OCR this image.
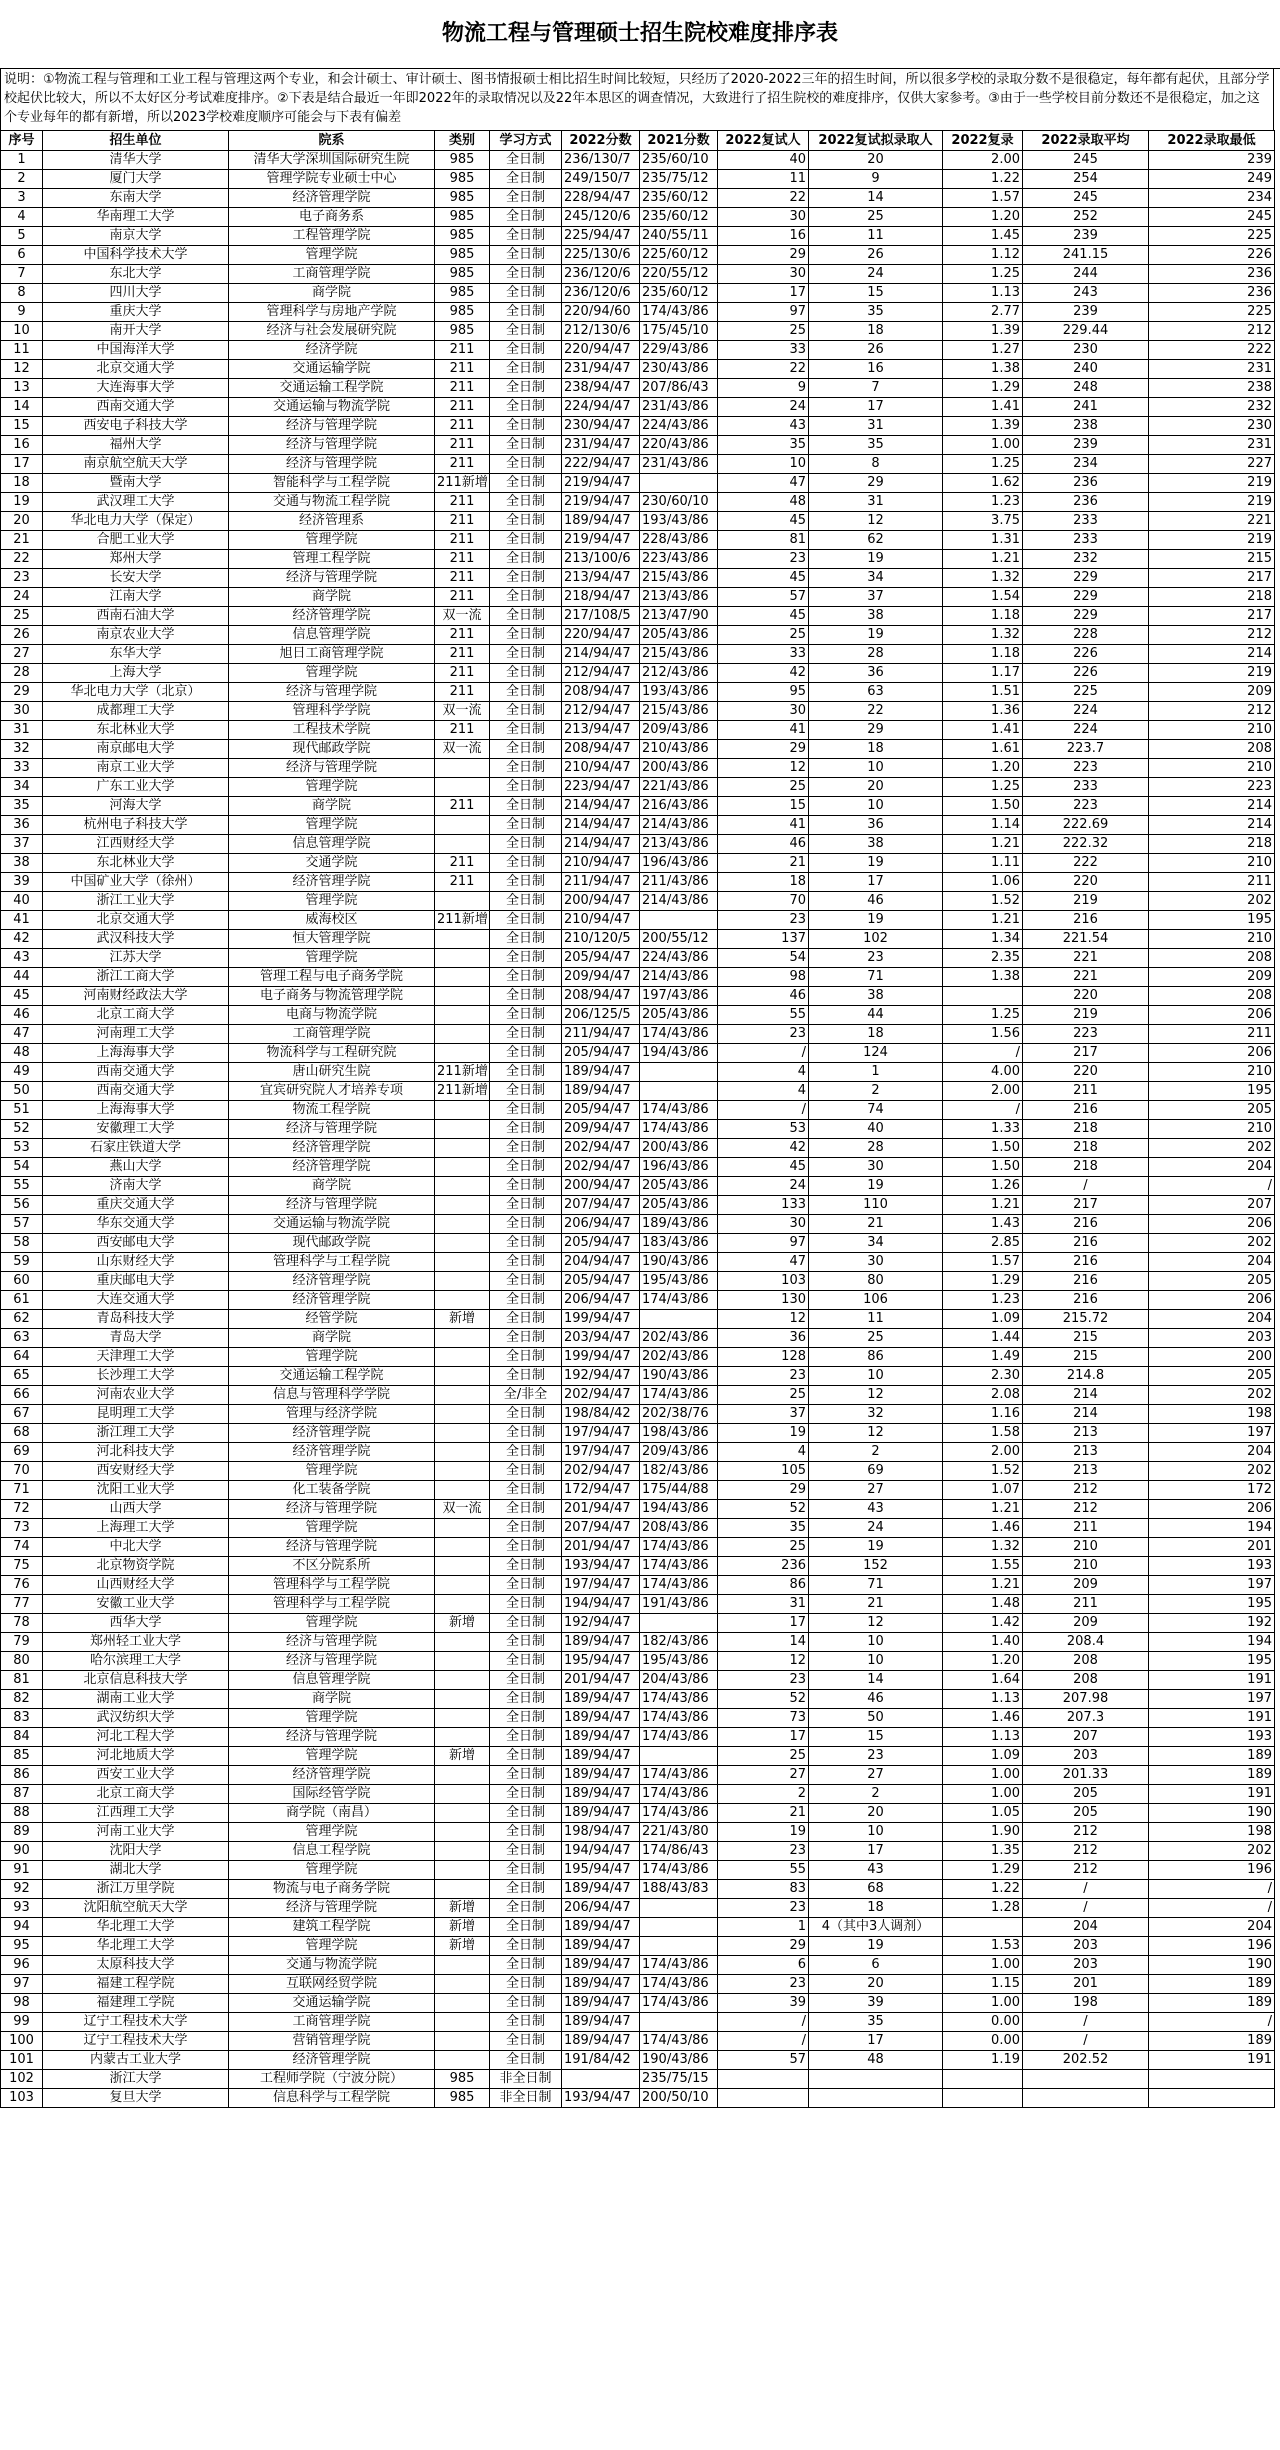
物流工程与管理硕士招生院校难度排序表
说明：①物流工程与管理和工业工程与管理这两个专业，和会计硕士、审计硕士、图书情报硕士相比招生时间比较短，只经历了2020-2022三年的招生时间，所以很多学校的录取分数不是很稳定，每年都有起伏，且部分学校起伏比较大，所以不太好区分考试难度排序。②下表是结合最近一年即2022年的录取情况以及22年本思区的调查情况，大致进行了招生院校的难度排序，仅供大家参考。③由于一些学校目前分数还不是很稳定，加之这个专业每年的都有新增，所以2023学校难度顺序可能会与下表有偏差
序号	招生单位	院系	类别	学习方式	2022分数	2021分数	2022复试人	2022复试拟录取人	2022复录	2022录取平均	2022录取最低
1	清华大学	清华大学深圳国际研究生院	985	全日制	236/130/7	235/60/10	40	20	2.00	245	239
2	厦门大学	管理学院专业硕士中心	985	全日制	249/150/7	235/75/12	11	9	1.22	254	249
3	东南大学	经济管理学院	985	全日制	228/94/47	235/60/12	22	14	1.57	245	234
4	华南理工大学	电子商务系	985	全日制	245/120/6	235/60/12	30	25	1.20	252	245
5	南京大学	工程管理学院	985	全日制	225/94/47	240/55/11	16	11	1.45	239	225
6	中国科学技术大学	管理学院	985	全日制	225/130/6	225/60/12	29	26	1.12	241.15	226
7	东北大学	工商管理学院	985	全日制	236/120/6	220/55/12	30	24	1.25	244	236
8	四川大学	商学院	985	全日制	236/120/6	235/60/12	17	15	1.13	243	236
9	重庆大学	管理科学与房地产学院	985	全日制	220/94/60	174/43/86	97	35	2.77	239	225
10	南开大学	经济与社会发展研究院	985	全日制	212/130/6	175/45/10	25	18	1.39	229.44	212
11	中国海洋大学	经济学院	211	全日制	220/94/47	229/43/86	33	26	1.27	230	222
12	北京交通大学	交通运输学院	211	全日制	231/94/47	230/43/86	22	16	1.38	240	231
13	大连海事大学	交通运输工程学院	211	全日制	238/94/47	207/86/43	9	7	1.29	248	238
14	西南交通大学	交通运输与物流学院	211	全日制	224/94/47	231/43/86	24	17	1.41	241	232
15	西安电子科技大学	经济与管理学院	211	全日制	230/94/47	224/43/86	43	31	1.39	238	230
16	福州大学	经济与管理学院	211	全日制	231/94/47	220/43/86	35	35	1.00	239	231
17	南京航空航天大学	经济与管理学院	211	全日制	222/94/47	231/43/86	10	8	1.25	234	227
18	暨南大学	智能科学与工程学院	211新增	全日制	219/94/47		47	29	1.62	236	219
19	武汉理工大学	交通与物流工程学院	211	全日制	219/94/47	230/60/10	48	31	1.23	236	219
20	华北电力大学（保定）	经济管理系	211	全日制	189/94/47	193/43/86	45	12	3.75	233	221
21	合肥工业大学	管理学院	211	全日制	219/94/47	228/43/86	81	62	1.31	233	219
22	郑州大学	管理工程学院	211	全日制	213/100/6	223/43/86	23	19	1.21	232	215
23	长安大学	经济与管理学院	211	全日制	213/94/47	215/43/86	45	34	1.32	229	217
24	江南大学	商学院	211	全日制	218/94/47	213/43/86	57	37	1.54	229	218
25	西南石油大学	经济管理学院	双一流	全日制	217/108/5	213/47/90	45	38	1.18	229	217
26	南京农业大学	信息管理学院	211	全日制	220/94/47	205/43/86	25	19	1.32	228	212
27	东华大学	旭日工商管理学院	211	全日制	214/94/47	215/43/86	33	28	1.18	226	214
28	上海大学	管理学院	211	全日制	212/94/47	212/43/86	42	36	1.17	226	219
29	华北电力大学（北京）	经济与管理学院	211	全日制	208/94/47	193/43/86	95	63	1.51	225	209
30	成都理工大学	管理科学学院	双一流	全日制	212/94/47	215/43/86	30	22	1.36	224	212
31	东北林业大学	工程技术学院	211	全日制	213/94/47	209/43/86	41	29	1.41	224	210
32	南京邮电大学	现代邮政学院	双一流	全日制	208/94/47	210/43/86	29	18	1.61	223.7	208
33	南京工业大学	经济与管理学院		全日制	210/94/47	200/43/86	12	10	1.20	223	210
34	广东工业大学	管理学院		全日制	223/94/47	221/43/86	25	20	1.25	233	223
35	河海大学	商学院	211	全日制	214/94/47	216/43/86	15	10	1.50	223	214
36	杭州电子科技大学	管理学院		全日制	214/94/47	214/43/86	41	36	1.14	222.69	214
37	江西财经大学	信息管理学院		全日制	214/94/47	213/43/86	46	38	1.21	222.32	218
38	东北林业大学	交通学院	211	全日制	210/94/47	196/43/86	21	19	1.11	222	210
39	中国矿业大学（徐州）	经济管理学院	211	全日制	211/94/47	211/43/86	18	17	1.06	220	211
40	浙江工业大学	管理学院		全日制	200/94/47	214/43/86	70	46	1.52	219	202
41	北京交通大学	威海校区	211新增	全日制	210/94/47		23	19	1.21	216	195
42	武汉科技大学	恒大管理学院		全日制	210/120/5	200/55/12	137	102	1.34	221.54	210
43	江苏大学	管理学院		全日制	205/94/47	224/43/86	54	23	2.35	221	208
44	浙江工商大学	管理工程与电子商务学院		全日制	209/94/47	214/43/86	98	71	1.38	221	209
45	河南财经政法大学	电子商务与物流管理学院		全日制	208/94/47	197/43/86	46	38		220	208
46	北京工商大学	电商与物流学院		全日制	206/125/5	205/43/86	55	44	1.25	219	206
47	河南理工大学	工商管理学院		全日制	211/94/47	174/43/86	23	18	1.56	223	211
48	上海海事大学	物流科学与工程研究院		全日制	205/94/47	194/43/86	/	124	/	217	206
49	西南交通大学	唐山研究生院	211新增	全日制	189/94/47		4	1	4.00	220	210
50	西南交通大学	宜宾研究院人才培养专项	211新增	全日制	189/94/47		4	2	2.00	211	195
51	上海海事大学	物流工程学院		全日制	205/94/47	174/43/86	/	74	/	216	205
52	安徽理工大学	经济与管理学院		全日制	209/94/47	174/43/86	53	40	1.33	218	210
53	石家庄铁道大学	经济管理学院		全日制	202/94/47	200/43/86	42	28	1.50	218	202
54	燕山大学	经济管理学院		全日制	202/94/47	196/43/86	45	30	1.50	218	204
55	济南大学	商学院		全日制	200/94/47	205/43/86	24	19	1.26	/	/
56	重庆交通大学	经济与管理学院		全日制	207/94/47	205/43/86	133	110	1.21	217	207
57	华东交通大学	交通运输与物流学院		全日制	206/94/47	189/43/86	30	21	1.43	216	206
58	西安邮电大学	现代邮政学院		全日制	205/94/47	183/43/86	97	34	2.85	216	202
59	山东财经大学	管理科学与工程学院		全日制	204/94/47	190/43/86	47	30	1.57	216	204
60	重庆邮电大学	经济管理学院		全日制	205/94/47	195/43/86	103	80	1.29	216	205
61	大连交通大学	经济管理学院		全日制	206/94/47	174/43/86	130	106	1.23	216	206
62	青岛科技大学	经管学院	新增	全日制	199/94/47		12	11	1.09	215.72	204
63	青岛大学	商学院		全日制	203/94/47	202/43/86	36	25	1.44	215	203
64	天津理工大学	管理学院		全日制	199/94/47	202/43/86	128	86	1.49	215	200
65	长沙理工大学	交通运输工程学院		全日制	192/94/47	190/43/86	23	10	2.30	214.8	205
66	河南农业大学	信息与管理科学学院		全/非全	202/94/47	174/43/86	25	12	2.08	214	202
67	昆明理工大学	管理与经济学院		全日制	198/84/42	202/38/76	37	32	1.16	214	198
68	浙江理工大学	经济管理学院		全日制	197/94/47	198/43/86	19	12	1.58	213	197
69	河北科技大学	经济管理学院		全日制	197/94/47	209/43/86	4	2	2.00	213	204
70	西安财经大学	管理学院		全日制	202/94/47	182/43/86	105	69	1.52	213	202
71	沈阳工业大学	化工装备学院		全日制	172/94/47	175/44/88	29	27	1.07	212	172
72	山西大学	经济与管理学院	双一流	全日制	201/94/47	194/43/86	52	43	1.21	212	206
73	上海理工大学	管理学院		全日制	207/94/47	208/43/86	35	24	1.46	211	194
74	中北大学	经济与管理学院		全日制	201/94/47	174/43/86	25	19	1.32	210	201
75	北京物资学院	不区分院系所		全日制	193/94/47	174/43/86	236	152	1.55	210	193
76	山西财经大学	管理科学与工程学院		全日制	197/94/47	174/43/86	86	71	1.21	209	197
77	安徽工业大学	管理科学与工程学院		全日制	194/94/47	191/43/86	31	21	1.48	211	195
78	西华大学	管理学院	新增	全日制	192/94/47		17	12	1.42	209	192
79	郑州轻工业大学	经济与管理学院		全日制	189/94/47	182/43/86	14	10	1.40	208.4	194
80	哈尔滨理工大学	经济与管理学院		全日制	195/94/47	195/43/86	12	10	1.20	208	195
81	北京信息科技大学	信息管理学院		全日制	201/94/47	204/43/86	23	14	1.64	208	191
82	湖南工业大学	商学院		全日制	189/94/47	174/43/86	52	46	1.13	207.98	197
83	武汉纺织大学	管理学院		全日制	189/94/47	174/43/86	73	50	1.46	207.3	191
84	河北工程大学	经济与管理学院		全日制	189/94/47	174/43/86	17	15	1.13	207	193
85	河北地质大学	管理学院	新增	全日制	189/94/47		25	23	1.09	203	189
86	西安工业大学	经济管理学院		全日制	189/94/47	174/43/86	27	27	1.00	201.33	189
87	北京工商大学	国际经管学院		全日制	189/94/47	174/43/86	2	2	1.00	205	191
88	江西理工大学	商学院（南昌）		全日制	189/94/47	174/43/86	21	20	1.05	205	190
89	河南工业大学	管理学院		全日制	198/94/47	221/43/80	19	10	1.90	212	198
90	沈阳大学	信息工程学院		全日制	194/94/47	174/86/43	23	17	1.35	212	202
91	湖北大学	管理学院		全日制	195/94/47	174/43/86	55	43	1.29	212	196
92	浙江万里学院	物流与电子商务学院		全日制	189/94/47	188/43/83	83	68	1.22	/	/
93	沈阳航空航天大学	经济与管理学院	新增	全日制	206/94/47		23	18	1.28	/	/
94	华北理工大学	建筑工程学院	新增	全日制	189/94/47		1	4（其中3人调剂）		204	204
95	华北理工大学	管理学院	新增	全日制	189/94/47		29	19	1.53	203	196
96	太原科技大学	交通与物流学院		全日制	189/94/47	174/43/86	6	6	1.00	203	190
97	福建工程学院	互联网经贸学院		全日制	189/94/47	174/43/86	23	20	1.15	201	189
98	福建理工学院	交通运输学院		全日制	189/94/47	174/43/86	39	39	1.00	198	189
99	辽宁工程技术大学	工商管理学院		全日制	189/94/47		/	35	0.00	/	/
100	辽宁工程技术大学	营销管理学院		全日制	189/94/47	174/43/86	/	17	0.00	/	189
101	内蒙古工业大学	经济管理学院		全日制	191/84/42	190/43/86	57	48	1.19	202.52	191
102	浙江大学	工程师学院（宁波分院）	985	非全日制		235/75/15					
103	复旦大学	信息科学与工程学院	985	非全日制	193/94/47	200/50/10					
